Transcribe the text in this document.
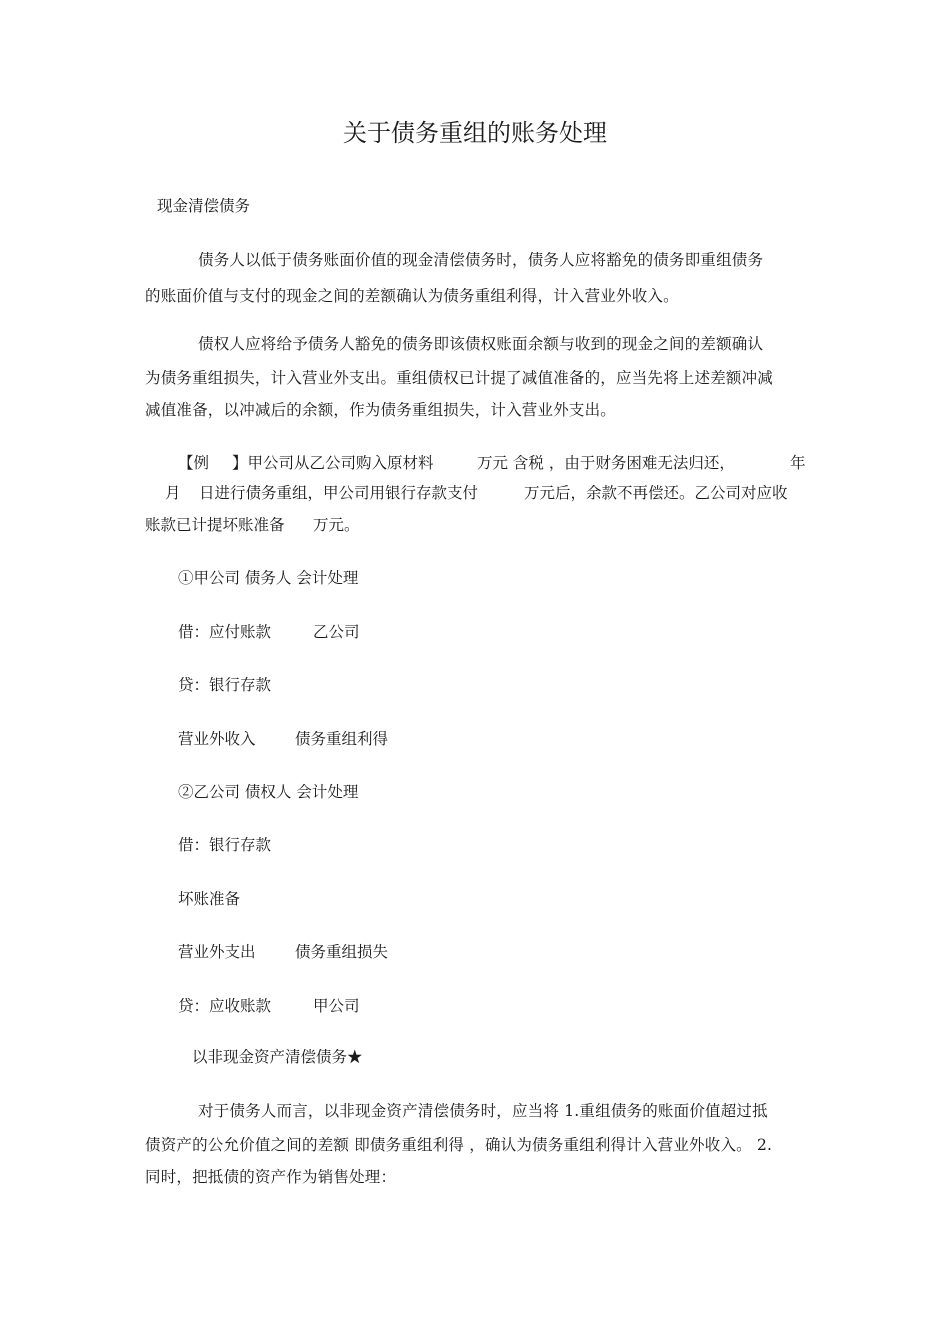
关于债务重组的账务处理
现金清偿债务
债务人以低于债务账面价值的现金清偿债务时，债务人应将豁免的债务即重组债务
的账面价值与支付的现金之间的差额确认为债务重组利得，计入营业外收入。
债权人应将给予债务人豁免的债务即该债权账面余额与收到的现金之间的差额确认
为债务重组损失，计入营业外支出。重组债权已计提了减值准备的，应当先将上述差额冲减
减值准备，以冲减后的余额，作为债务重组损失，计入营业外支出。
【例 】甲公司从乙公司购入原材料	万元 含税 ，由于财务困难无法归还，	年
月 日进行债务重组，甲公司用银行存款支付	万元后，余款不再偿还。乙公司对应收
账款已计提坏账准备 万元。
①甲公司 债务人 会计处理
借：应付账款	乙公司
贷：银行存款
营业外收入	债务重组利得
②乙公司 债权人 会计处理
借：银行存款
坏账准备
营业外支出	债务重组损失
贷：应收账款	甲公司
以非现金资产清偿债务★
对于债务人而言，以非现金资产清偿债务时，应当将 1.重组债务的账面价值超过抵
债资产的公允价值之间的差额 即债务重组利得 ，确认为债务重组利得计入营业外收入。 2.
同时，把抵债的资产作为销售处理：
